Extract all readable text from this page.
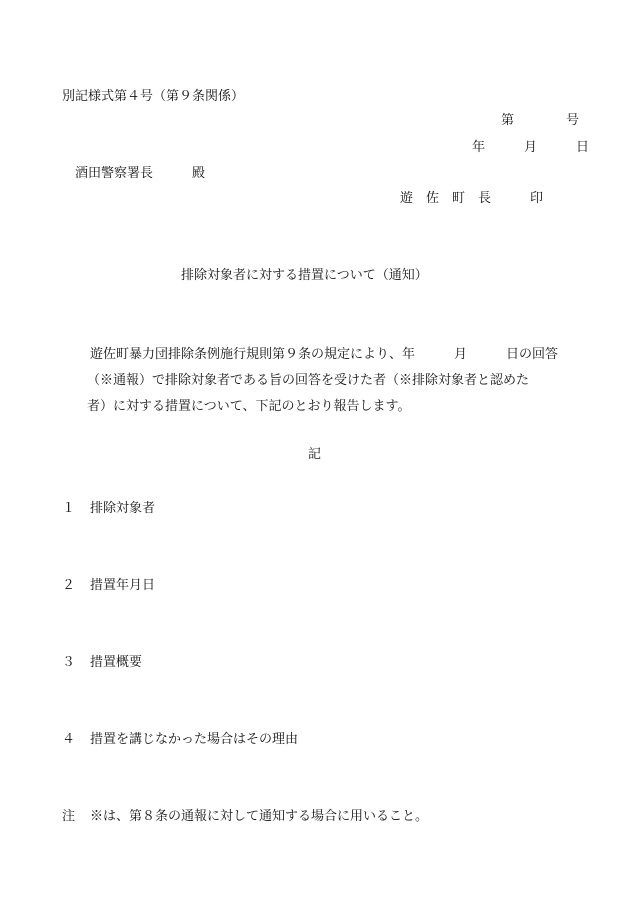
別記様式第４号（第９条関係）
第　　　　号
年　　　月　　　日
酒田警察署長　　　殿
遊　佐　町　長　　　印
排除対象者に対する措置について（通知）
遊佐町暴力団排除条例施行規則第９条の規定により、年　　　月　　　日の回答
（※通報）で排除対象者である旨の回答を受けた者（※排除対象者と認めた
者）に対する措置について、下記のとおり報告します。
記
１ 排除対象者
２ 措置年月日
３ 措置概要
４ 措置を講じなかった場合はその理由
注 ※は、第８条の通報に対して通知する場合に用いること。
